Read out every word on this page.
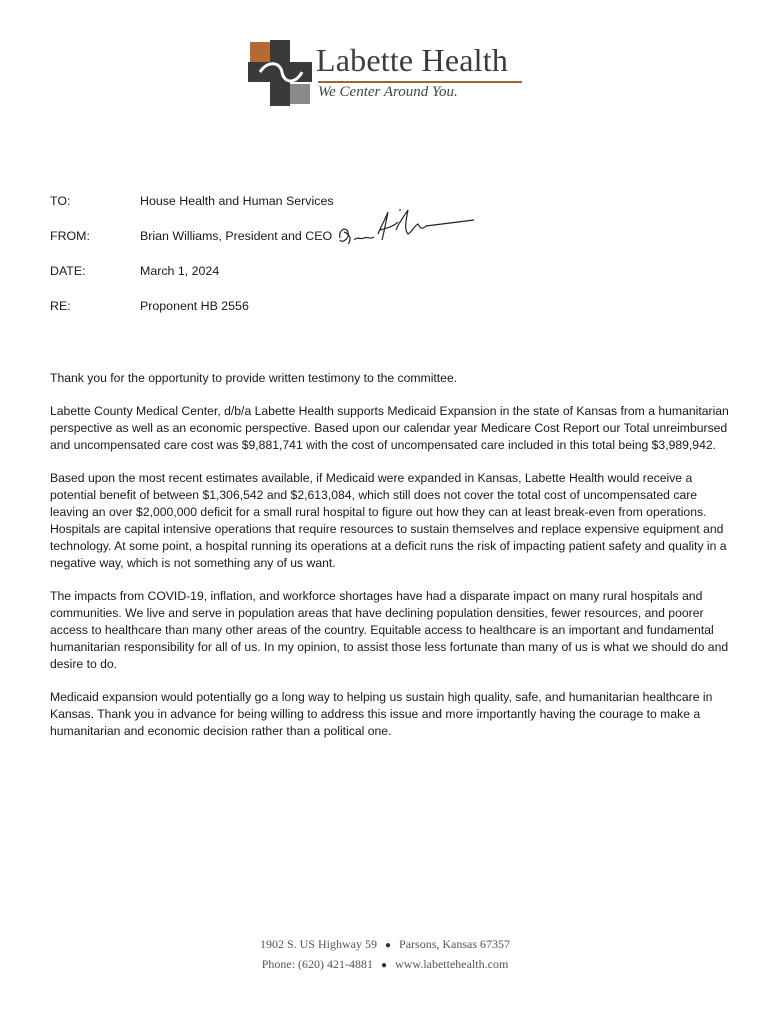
Labette Health
We Center Around You.
TO:	House Health and Human Services
FROM:	Brian Williams, President and CEO
DATE:	March 1, 2024
RE:	Proponent HB 2556

Thank you for the opportunity to provide written testimony to the committee.

Labette County Medical Center, d/b/a Labette Health supports Medicaid Expansion in the state of Kansas from a humanitarian perspective as well as an economic perspective. Based upon our calendar year Medicare Cost Report our Total unreimbursed and uncompensated care cost was $9,881,741 with the cost of uncompensated care included in this total being $3,989,942.

Based upon the most recent estimates available, if Medicaid were expanded in Kansas, Labette Health would receive a potential benefit of between $1,306,542 and $2,613,084, which still does not cover the total cost of uncompensated care leaving an over $2,000,000 deficit for a small rural hospital to figure out how they can at least break-even from operations. Hospitals are capital intensive operations that require resources to sustain themselves and replace expensive equipment and technology. At some point, a hospital running its operations at a deficit runs the risk of impacting patient safety and quality in a negative way, which is not something any of us want.

The impacts from COVID-19, inflation, and workforce shortages have had a disparate impact on many rural hospitals and communities. We live and serve in population areas that have declining population densities, fewer resources, and poorer access to healthcare than many other areas of the country. Equitable access to healthcare is an important and fundamental humanitarian responsibility for all of us. In my opinion, to assist those less fortunate than many of us is what we should do and desire to do.

Medicaid expansion would potentially go a long way to helping us sustain high quality, safe, and humanitarian healthcare in Kansas. Thank you in advance for being willing to address this issue and more importantly having the courage to make a humanitarian and economic decision rather than a political one.

1902 S. US Highway 59 ● Parsons, Kansas 67357
Phone: (620) 421-4881 ● www.labettehealth.com
